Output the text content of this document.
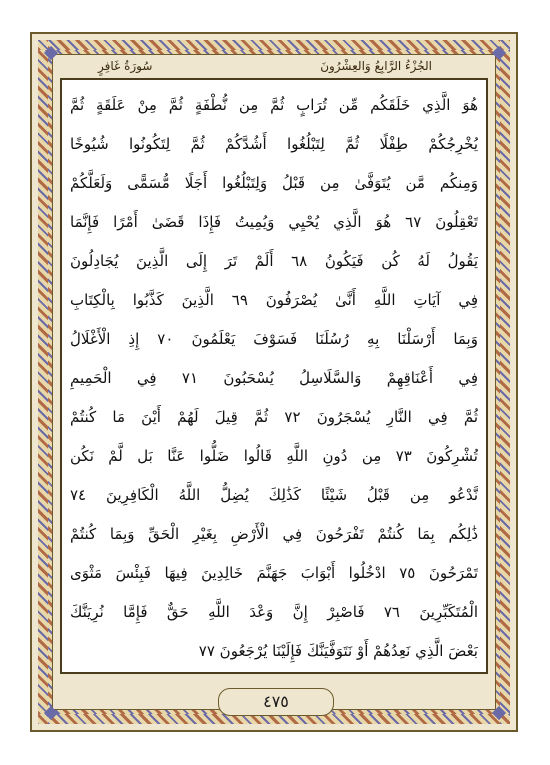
الجُزْءُ الرَّابِعُ وَالعِشْرُونَ
سُورَةُ غَافِرٍ
هُوَ الَّذِي خَلَقَكُم مِّن تُرَابٍ ثُمَّ مِن نُّطْفَةٍ ثُمَّ مِنْ عَلَقَةٍ ثُمَّ
يُخْرِجُكُمْ طِفْلًا ثُمَّ لِتَبْلُغُوا أَشُدَّكُمْ ثُمَّ لِتَكُونُوا شُيُوخًا
وَمِنكُم مَّن يُتَوَفَّىٰ مِن قَبْلُ وَلِتَبْلُغُوا أَجَلًا مُّسَمًّى وَلَعَلَّكُمْ
تَعْقِلُونَ ٦٧ هُوَ الَّذِي يُحْيِي وَيُمِيتُ فَإِذَا قَضَىٰ أَمْرًا فَإِنَّمَا
يَقُولُ لَهُ كُن فَيَكُونُ ٦٨ أَلَمْ تَرَ إِلَى الَّذِينَ يُجَادِلُونَ
فِي آيَاتِ اللَّهِ أَنَّىٰ يُصْرَفُونَ ٦٩ الَّذِينَ كَذَّبُوا بِالْكِتَابِ
وَبِمَا أَرْسَلْنَا بِهِ رُسُلَنَا فَسَوْفَ يَعْلَمُونَ ٧٠ إِذِ الْأَغْلَالُ
فِي أَعْنَاقِهِمْ وَالسَّلَاسِلُ يُسْحَبُونَ ٧١ فِي الْحَمِيمِ
ثُمَّ فِي النَّارِ يُسْجَرُونَ ٧٢ ثُمَّ قِيلَ لَهُمْ أَيْنَ مَا كُنتُمْ
تُشْرِكُونَ ٧٣ مِن دُونِ اللَّهِ قَالُوا ضَلُّوا عَنَّا بَل لَّمْ نَكُن
نَّدْعُو مِن قَبْلُ شَيْئًا كَذَٰلِكَ يُضِلُّ اللَّهُ الْكَافِرِينَ ٧٤
ذَٰلِكُم بِمَا كُنتُمْ تَفْرَحُونَ فِي الْأَرْضِ بِغَيْرِ الْحَقِّ وَبِمَا كُنتُمْ
تَمْرَحُونَ ٧٥ ادْخُلُوا أَبْوَابَ جَهَنَّمَ خَالِدِينَ فِيهَا فَبِئْسَ مَثْوَى
الْمُتَكَبِّرِينَ ٧٦ فَاصْبِرْ إِنَّ وَعْدَ اللَّهِ حَقٌّ فَإِمَّا نُرِيَنَّكَ
بَعْضَ الَّذِي نَعِدُهُمْ أَوْ نَتَوَفَّيَنَّكَ فَإِلَيْنَا يُرْجَعُونَ ٧٧
٤٧٥
